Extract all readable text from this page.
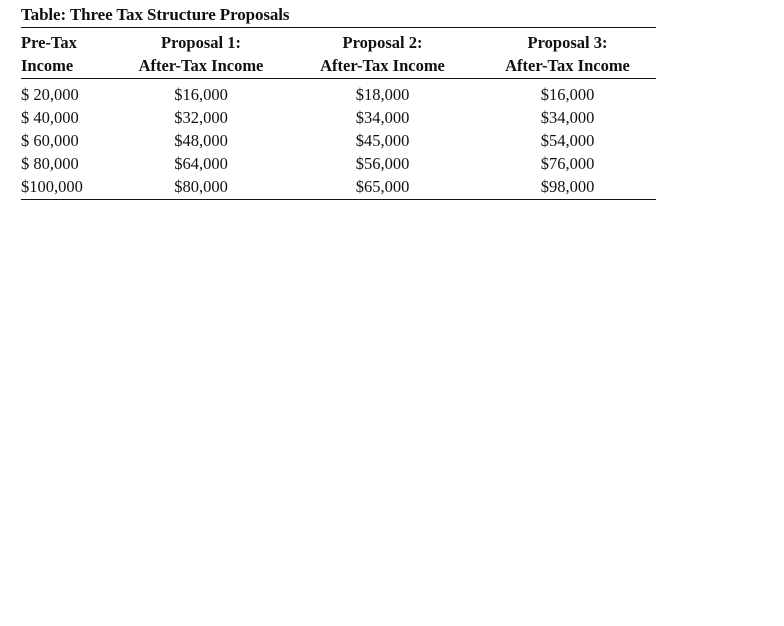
Table: Three Tax Structure Proposals
Pre-Tax	Proposal 1:	Proposal 2:	Proposal 3:
Income	After-Tax Income	After-Tax Income	After-Tax Income
$ 20,000	$16,000	$18,000	$16,000
$ 40,000	$32,000	$34,000	$34,000
$ 60,000	$48,000	$45,000	$54,000
$ 80,000	$64,000	$56,000	$76,000
$100,000	$80,000	$65,000	$98,000
